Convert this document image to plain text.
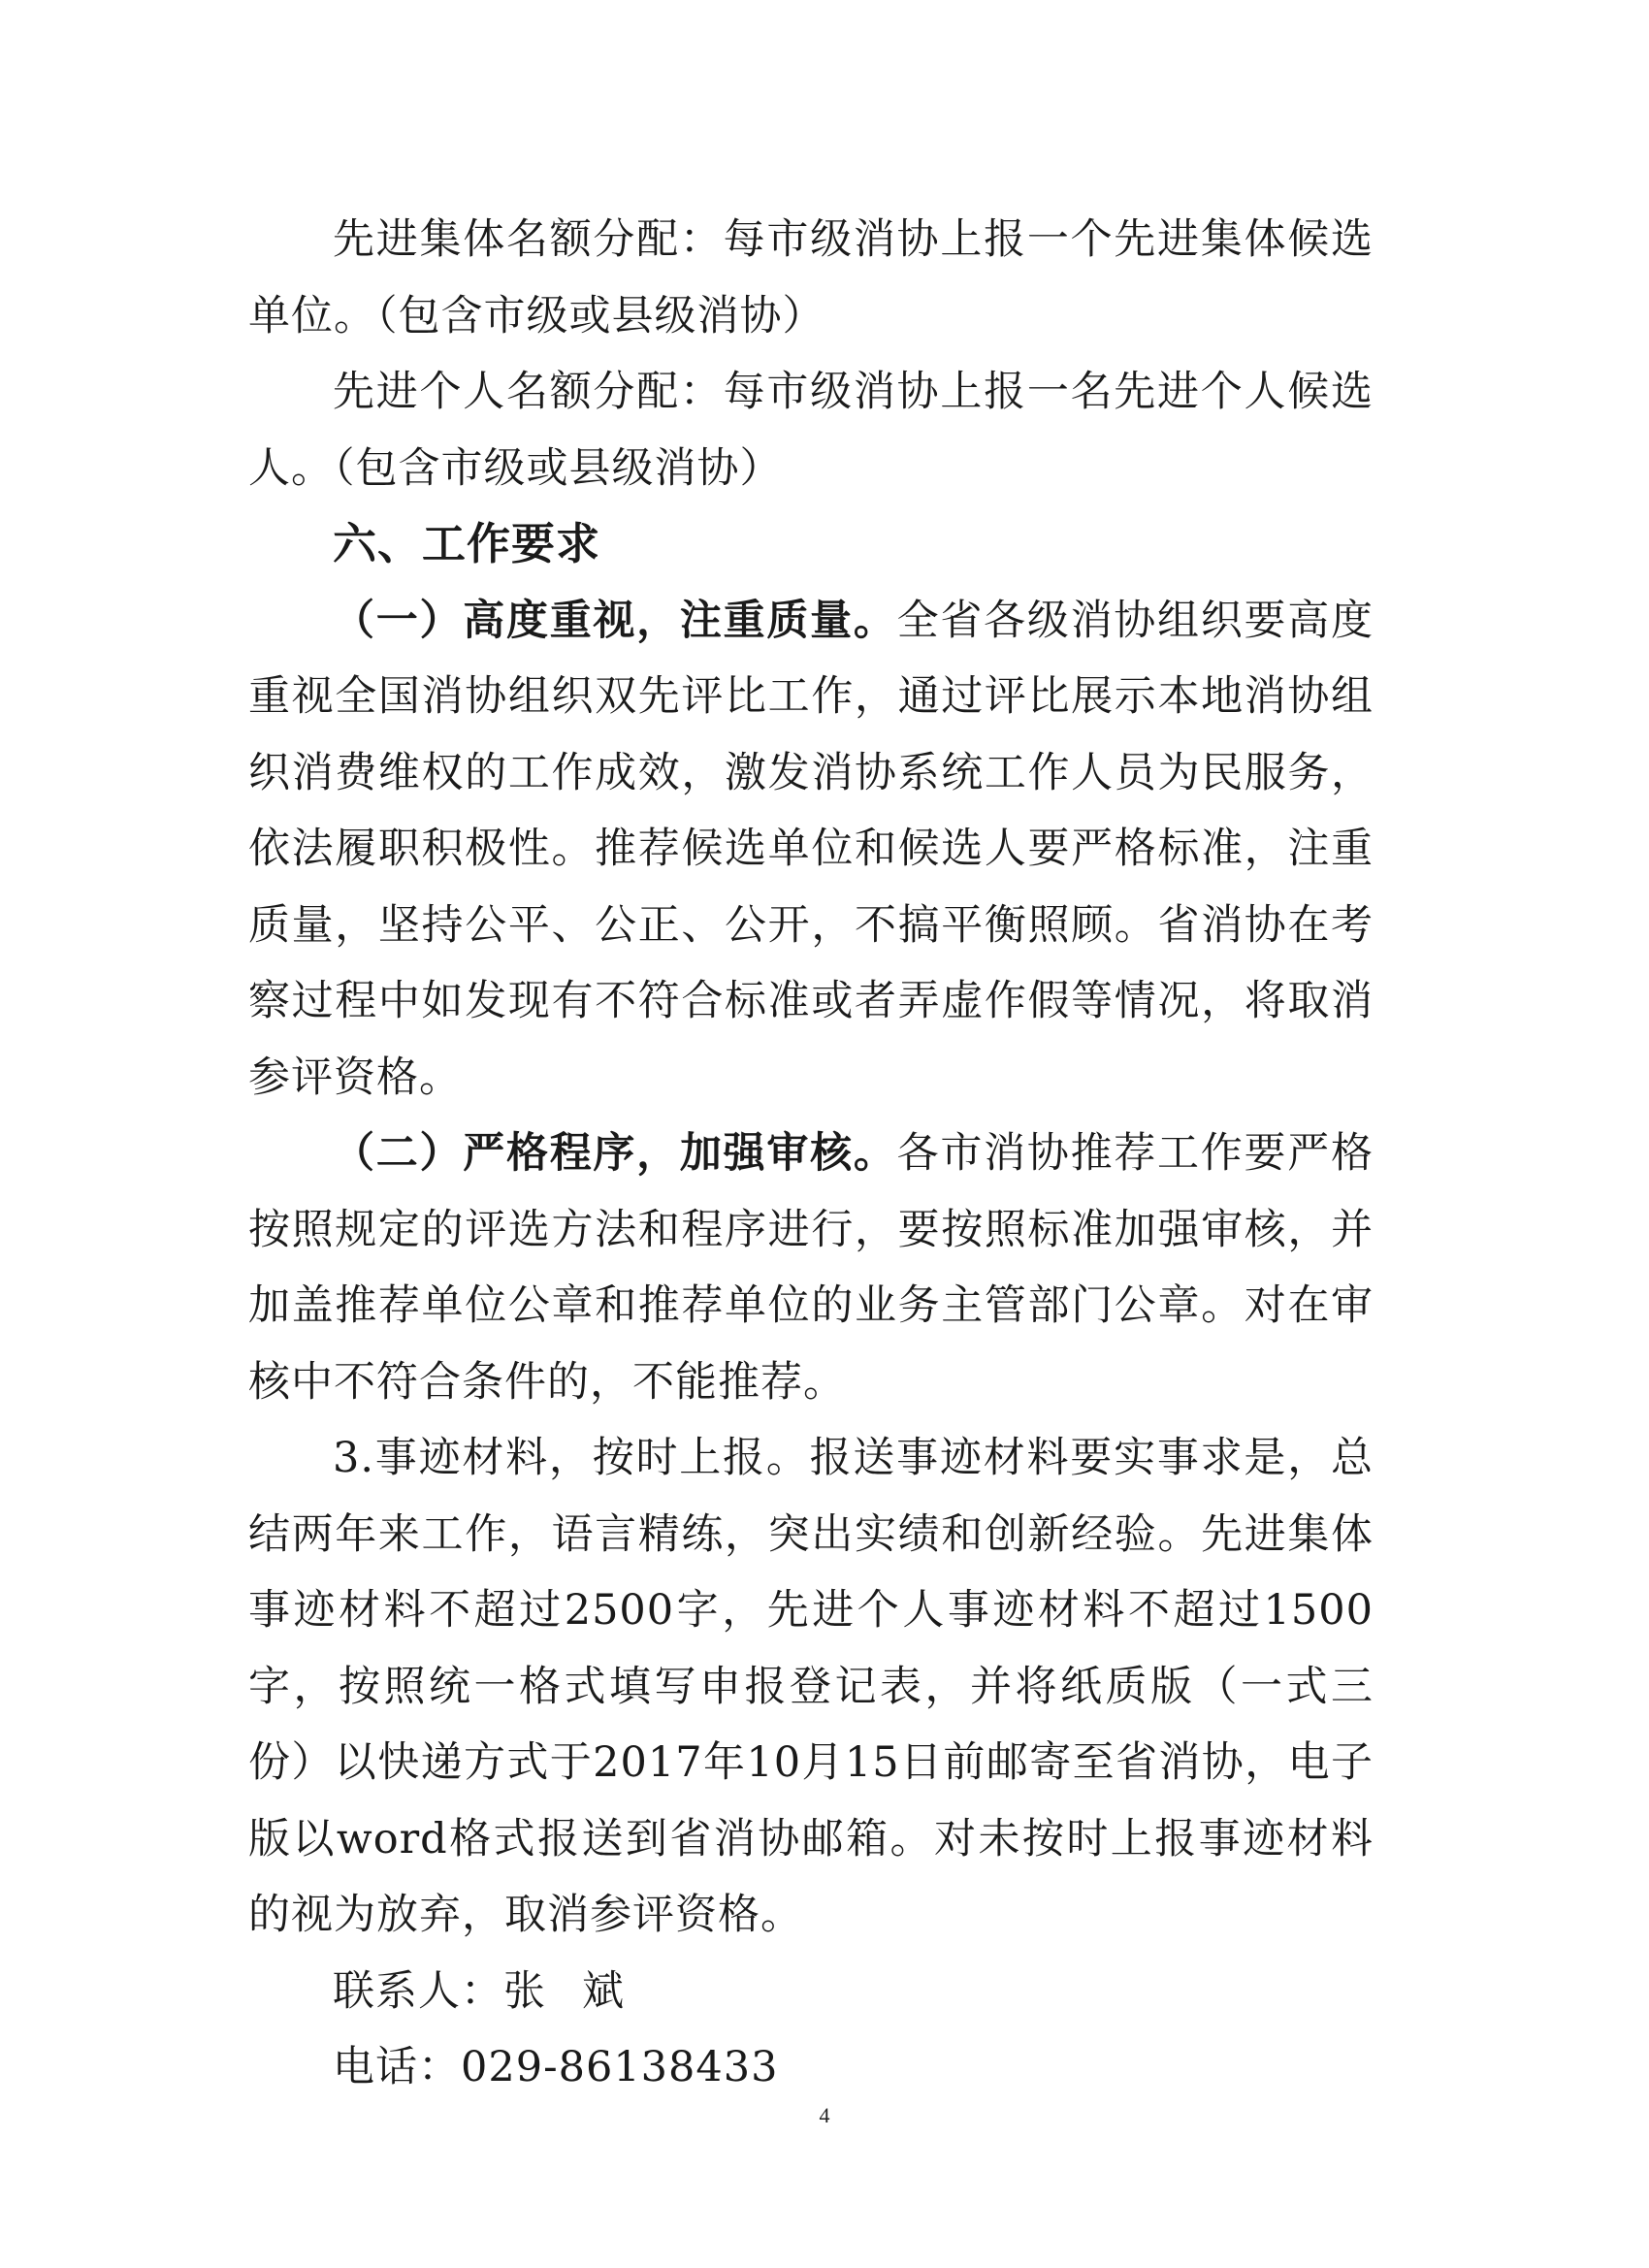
先进集体名额分配：每市级消协上报一个先进集体候选单位。（包含市级或县级消协）

先进个人名额分配：每市级消协上报一名先进个人候选人。（包含市级或县级消协）

六、工作要求

（一）高度重视，注重质量。全省各级消协组织要高度重视全国消协组织双先评比工作，通过评比展示本地消协组织消费维权的工作成效，激发消协系统工作人员为民服务，依法履职积极性。推荐候选单位和候选人要严格标准，注重质量，坚持公平、公正、公开，不搞平衡照顾。省消协在考察过程中如发现有不符合标准或者弄虚作假等情况，将取消参评资格。

（二）严格程序，加强审核。各市消协推荐工作要严格按照规定的评选方法和程序进行，要按照标准加强审核，并加盖推荐单位公章和推荐单位的业务主管部门公章。对在审核中不符合条件的，不能推荐。

3.事迹材料，按时上报。报送事迹材料要实事求是，总结两年来工作，语言精练，突出实绩和创新经验。先进集体事迹材料不超过2500字，先进个人事迹材料不超过1500字，按照统一格式填写申报登记表，并将纸质版（一式三份）以快递方式于2017年10月15日前邮寄至省消协，电子版以word格式报送到省消协邮箱。对未按时上报事迹材料的视为放弃，取消参评资格。

联系人：张斌

电话：029-86138433

4
